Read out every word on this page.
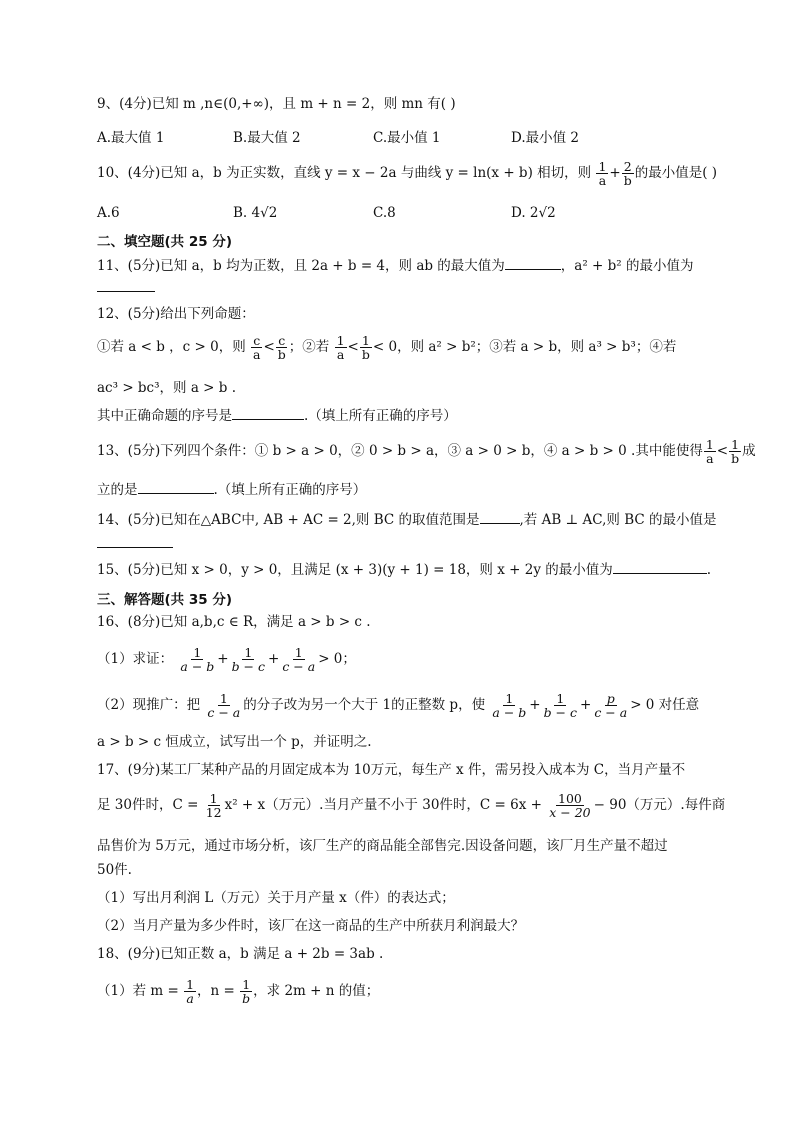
9、(4分)已知 m ,n∈(0,+∞)，且 m + n = 2，则 mn 有( )
A.最大值 1	B.最大值 2	C.最小值 1	D.最小值 2
10、(4分)已知 a，b 为正实数，直线 y = x − 2a 与曲线 y = ln(x + b) 相切，则 $\frac{1}{a} + \frac{2}{b}$ 的最小值是( )
A.6	B. 4√2	C.8	D. 2√2
二、填空题(共 25 分)
11、(5分)已知 a，b 均为正数，且 2a + b = 4，则 ab 的最大值为	，a² + b² 的最小值为
12、(5分)给出下列命题：
①若 a < b ，c > 0，则 $\frac{c}{a} < \frac{c}{b}$ ；②若 $\frac{1}{a} < \frac{1}{b} < 0$，则 a² > b²；③若 a > b，则 a³ > b³；④若
ac³ > bc³，则 a > b .
其中正确命题的序号是	.（填上所有正确的序号）
13、(5分)下列四个条件：① b > a > 0，② 0 > b > a，③ a > 0 > b，④ a > b > 0 .其中能使得 $\frac{1}{a} < \frac{1}{b}$ 成
立的是	.（填上所有正确的序号）
14、(5分)已知在△ABC中, AB + AC = 2,则 BC 的取值范围是	,若 AB ⊥ AC,则 BC 的最小值是
15、(5分)已知 x > 0，y > 0，且满足 (x + 3)(y + 1) = 18，则 x + 2y 的最小值为	.
三、解答题(共 35 分)
16、(8分)已知 a,b,c ∈ R，满足 a > b > c .
（1）求证： $\frac{1}{a - b} + \frac{1}{b - c} + \frac{1}{c - a} > 0$；
（2）现推广：把 $\frac{1}{c - a}$ 的分子改为另一个大于 1的正整数 p，使 $\frac{1}{a - b} + \frac{1}{b - c} + \frac{p}{c - a} > 0$ 对任意
a > b > c 恒成立，试写出一个 p，并证明之.
17、(9分)某工厂某种产品的月固定成本为 10万元，每生产 x 件，需另投入成本为 C，当月产量不
足 30件时，$C = \frac{1}{12} x^2 + x$（万元）.当月产量不小于 30件时，$C = 6x + \frac{100}{x - 20} - 90$（万元）.每件商
品售价为 5万元，通过市场分析，该厂生产的商品能全部售完.因设备问题，该厂月生产量不超过
50件.
（1）写出月利润 L（万元）关于月产量 x（件）的表达式；
（2）当月产量为多少件时，该厂在这一商品的生产中所获月利润最大？
18、(9分)已知正数 a，b 满足 a + 2b = 3ab .
（1）若 $m = \frac{1}{a}$ ，$n = \frac{1}{b}$ ，求 2m + n 的值；
